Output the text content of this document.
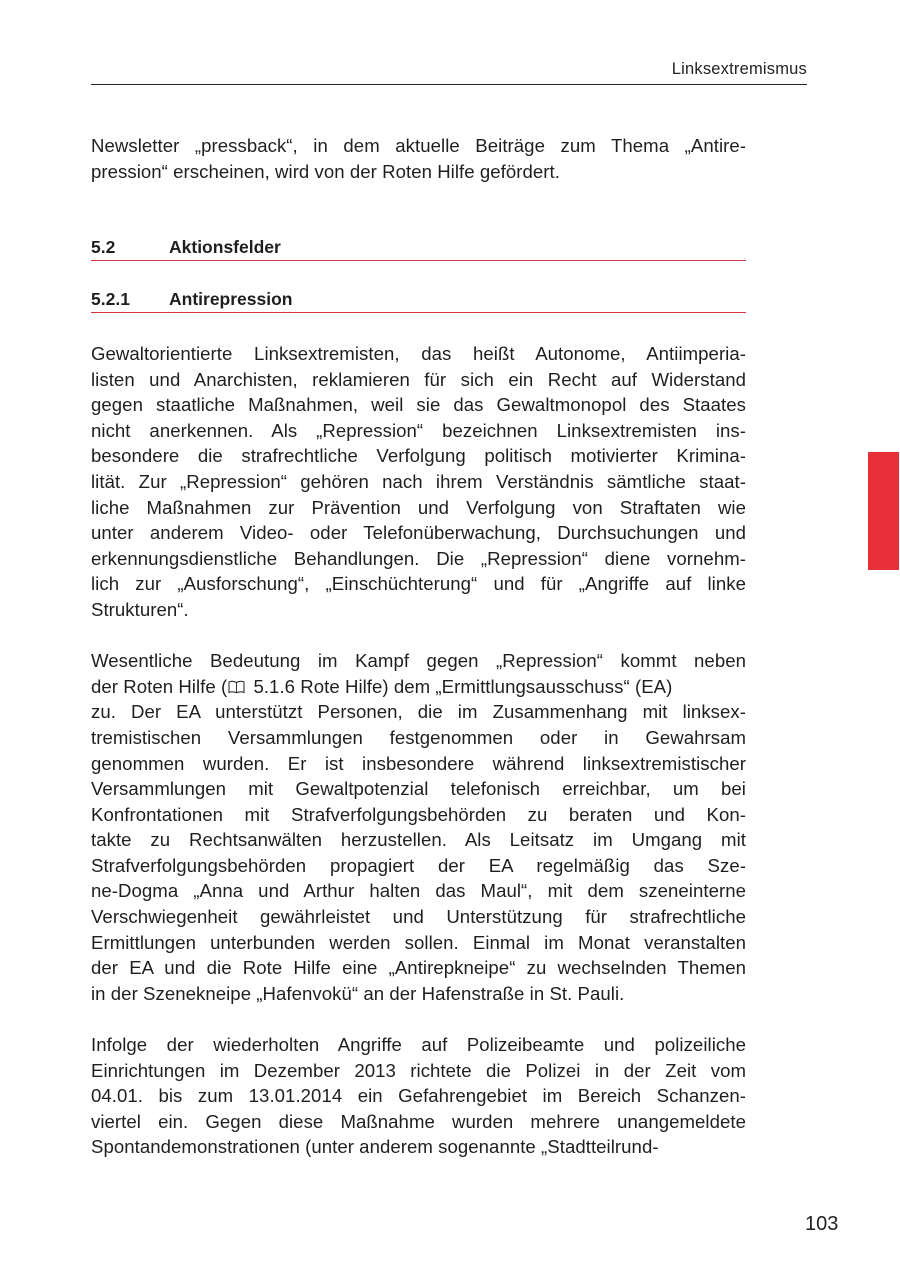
Linksextremismus

Newsletter „pressback“, in dem aktuelle Beiträge zum Thema „Antire-
pression“ erscheinen, wird von der Roten Hilfe gefördert.

5.2	Aktionsfelder
5.2.1 Antirepression

Gewaltorientierte Linksextremisten, das heißt Autonome, Antiimperia-
listen und Anarchisten, reklamieren für sich ein Recht auf Widerstand
gegen staatliche Maßnahmen, weil sie das Gewaltmonopol des Staates
nicht anerkennen. Als „Repression“ bezeichnen Linksextremisten ins-
besondere die strafrechtliche Verfolgung politisch motivierter Krimina-
lität. Zur „Repression“ gehören nach ihrem Verständnis sämtliche staat-
liche Maßnahmen zur Prävention und Verfolgung von Straftaten wie
unter anderem Video- oder Telefonüberwachung, Durchsuchungen und
erkennungsdienstliche Behandlungen. Die „Repression“ diene vornehm-
lich zur „Ausforschung“, „Einschüchterung“ und für „Angriffe auf linke
Strukturen“.

Wesentliche Bedeutung im Kampf gegen „Repression“ kommt neben
der Roten Hilfe ( 5.1.6 Rote Hilfe) dem „Ermittlungsausschuss“ (EA)
zu. Der EA unterstützt Personen, die im Zusammenhang mit linksex-
tremistischen Versammlungen festgenommen oder in Gewahrsam
genommen wurden. Er ist insbesondere während linksextremistischer
Versammlungen mit Gewaltpotenzial telefonisch erreichbar, um bei
Konfrontationen mit Strafverfolgungsbehörden zu beraten und Kon-
takte zu Rechtsanwälten herzustellen. Als Leitsatz im Umgang mit
Strafverfolgungsbehörden propagiert der EA regelmäßig das Sze-
ne-Dogma „Anna und Arthur halten das Maul“, mit dem szeneinterne
Verschwiegenheit gewährleistet und Unterstützung für strafrechtliche
Ermittlungen unterbunden werden sollen. Einmal im Monat veranstalten
der EA und die Rote Hilfe eine „Antirepkneipe“ zu wechselnden Themen
in der Szenekneipe „Hafenvokü“ an der Hafenstraße in St. Pauli.

Infolge der wiederholten Angriffe auf Polizeibeamte und polizeiliche
Einrichtungen im Dezember 2013 richtete die Polizei in der Zeit vom
04.01. bis zum 13.01.2014 ein Gefahrengebiet im Bereich Schanzen-
viertel ein. Gegen diese Maßnahme wurden mehrere unangemeldete
Spontandemonstrationen (unter anderem sogenannte „Stadtteilrund-

103
